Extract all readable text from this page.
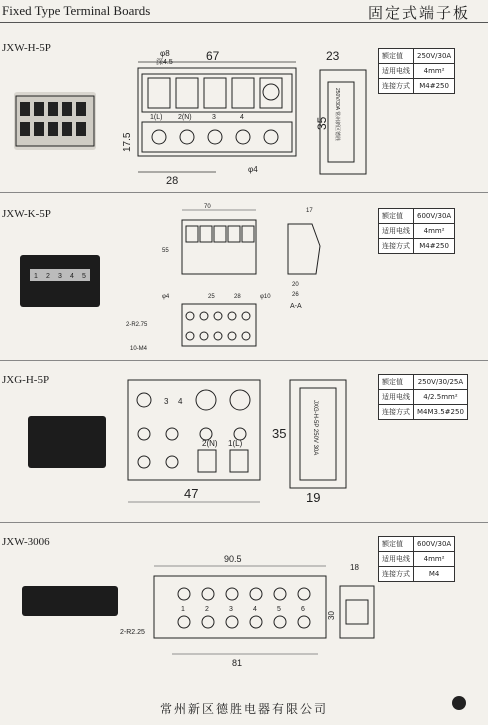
Fixed Type Terminal Boards	固定式端子板
JXW-H-5P
67
φ8
深4.5
1(L) 2(N)	3	4
28
17.5
φ4
23
35 250V/30A 常州新区德胜
额定值	250V/30A
适用电线	4mm²
连接方式	M4#250
JXW-K-5P
1 2 3 4 5
70
55
25	28	φ10
φ4
2-R2.75
10-M4
17
20
26
A-A
额定值	600V/30A
适用电线	4mm²
连接方式	M4#250
JXG-H-5P
3 4
2(N) 1(L)
47
35	JXG-H-5P 250V 30A
19
额定值	250V/30/25A
适用电线	4/2.5mm²
连接方式	M4M3.5#250
JXW-3006
90.5
1	2	3	4	5	6
81
2-R2.25
18
30
额定值	600V/30A
适用电线	4mm²
连接方式	M4
常州新区德胜电器有限公司
